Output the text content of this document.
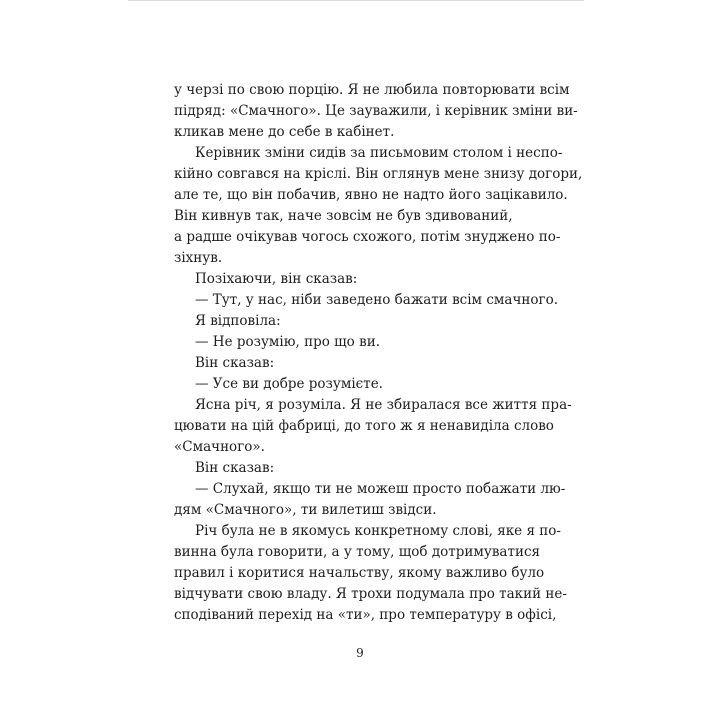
у черзі по свою порцію. Я не любила повторювати всім
підряд: «Смачного». Це зауважили, і керівник зміни ви-
кликав мене до себе в кабінет.
Керівник зміни сидів за письмовим столом і неспо-
кійно совгався на кріслі. Він оглянув мене знизу догори,
але те, що він побачив, явно не надто його зацікавило.
Він кивнув так, наче зовсім не був здивований,
а радше очікував чогось схожого, потім знуджено по-
зіхнув.
Позіхаючи, він сказав:
— Тут, у нас, ніби заведено бажати всім смачного.
Я відповіла:
— Не розумію, про що ви.
Він сказав:
— Усе ви добре розумієте.
Ясна річ, я розуміла. Я не збиралася все життя пра-
цювати на цій фабриці, до того ж я ненавиділа слово
«Смачного».
Він сказав:
— Слухай, якщо ти не можеш просто побажати лю-
дям «Смачного», ти вилетиш звідси.
Річ була не в якомусь конкретному слові, яке я по-
винна була говорити, а у тому, щоб дотримуватися
правил і коритися начальству, якому важливо було
відчувати свою владу. Я трохи подумала про такий не-
сподіваний перехід на «ти», про температуру в офісі,
9
